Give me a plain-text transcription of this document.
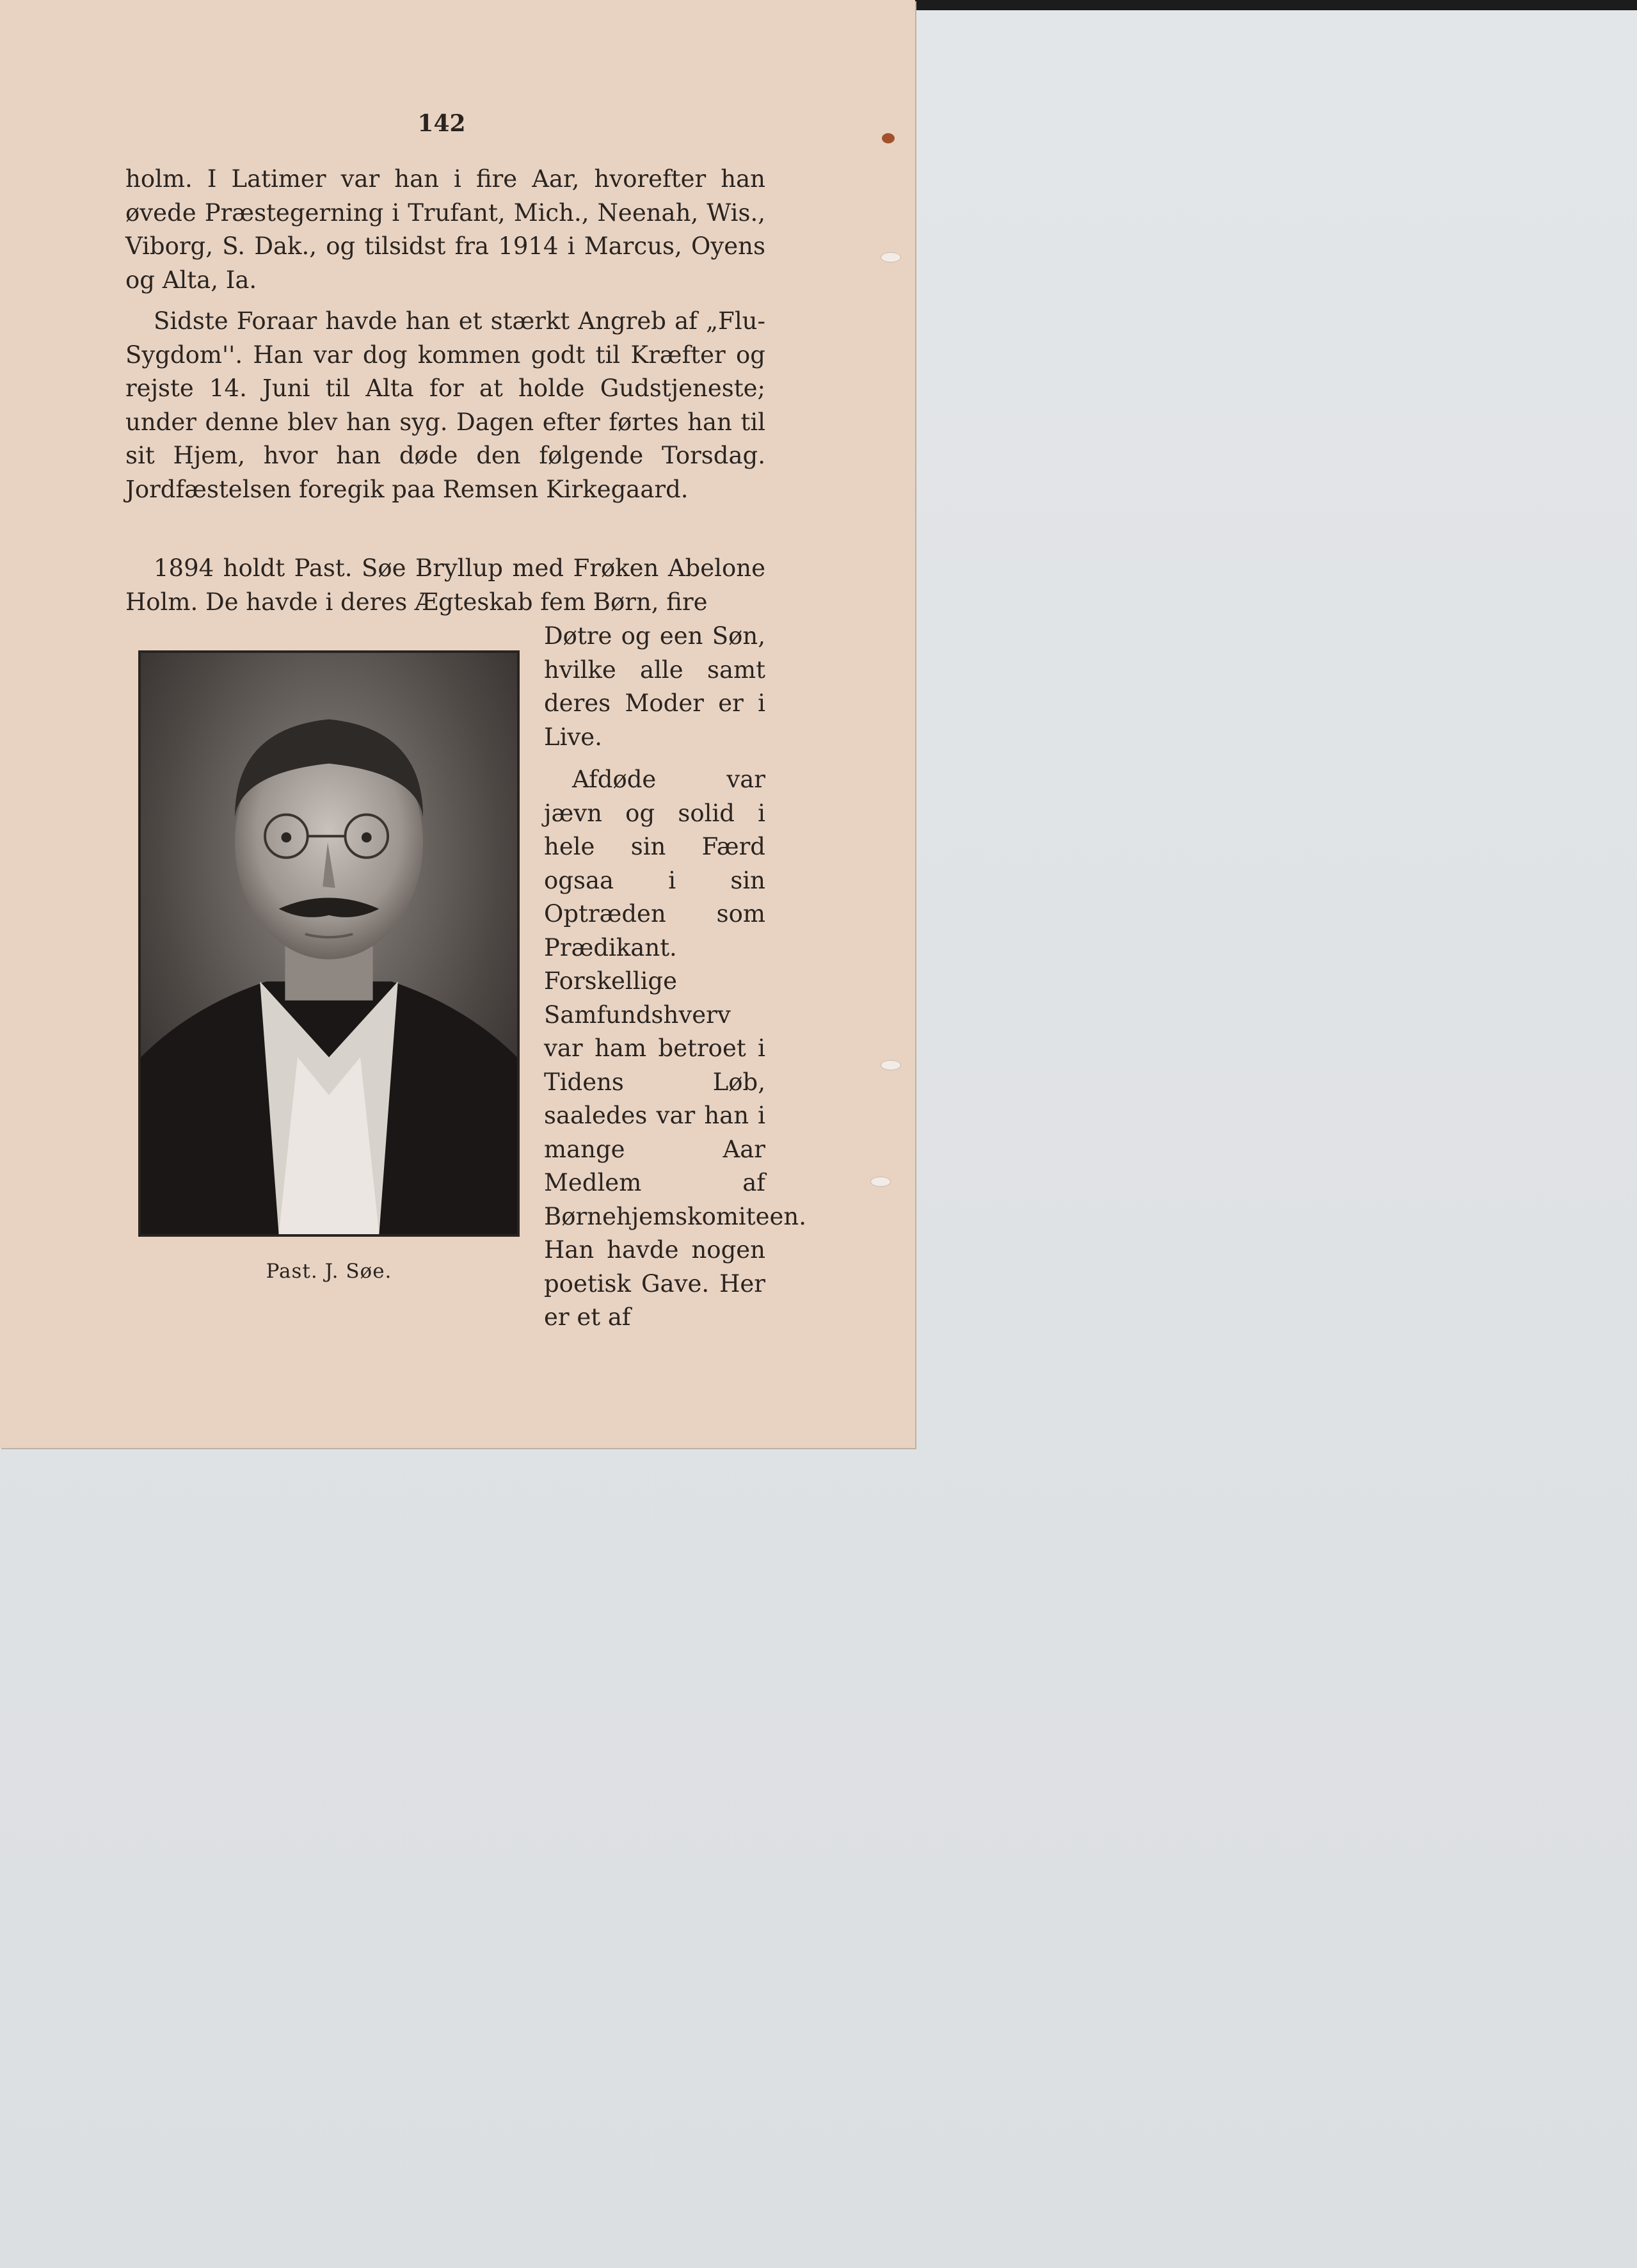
142
holm. I Latimer var han i fire Aar, hvorefter han øvede Præstegerning i Trufant, Mich., Neenah, Wis., Viborg, S. Dak., og tilsidst fra 1914 i Marcus, Oyens og Alta, Ia.
Sidste Foraar havde han et stærkt Angreb af „Flu-Sygdom''. Han var dog kommen godt til Kræfter og rejste 14. Juni til Alta for at holde Gudstjeneste; under denne blev han syg. Dagen efter førtes han til sit Hjem, hvor han døde den følgende Torsdag. Jordfæstelsen foregik paa Remsen Kirkegaard.
1894 holdt Past. Søe Bryllup med Frøken Abelone Holm. De havde i deres Ægteskab fem Børn, fire
Past. J. Søe.
Døtre og een Søn, hvilke alle samt deres Moder er i Live.
Afdøde var jævn og solid i hele sin Færd ogsaa i sin Optræden som Prædikant. Forskellige Samfundshverv var ham betroet i Tidens Løb, saaledes var han i mange Aar Medlem af Børnehjemskomiteen. Han havde nogen poetisk Gave. Her er et af
